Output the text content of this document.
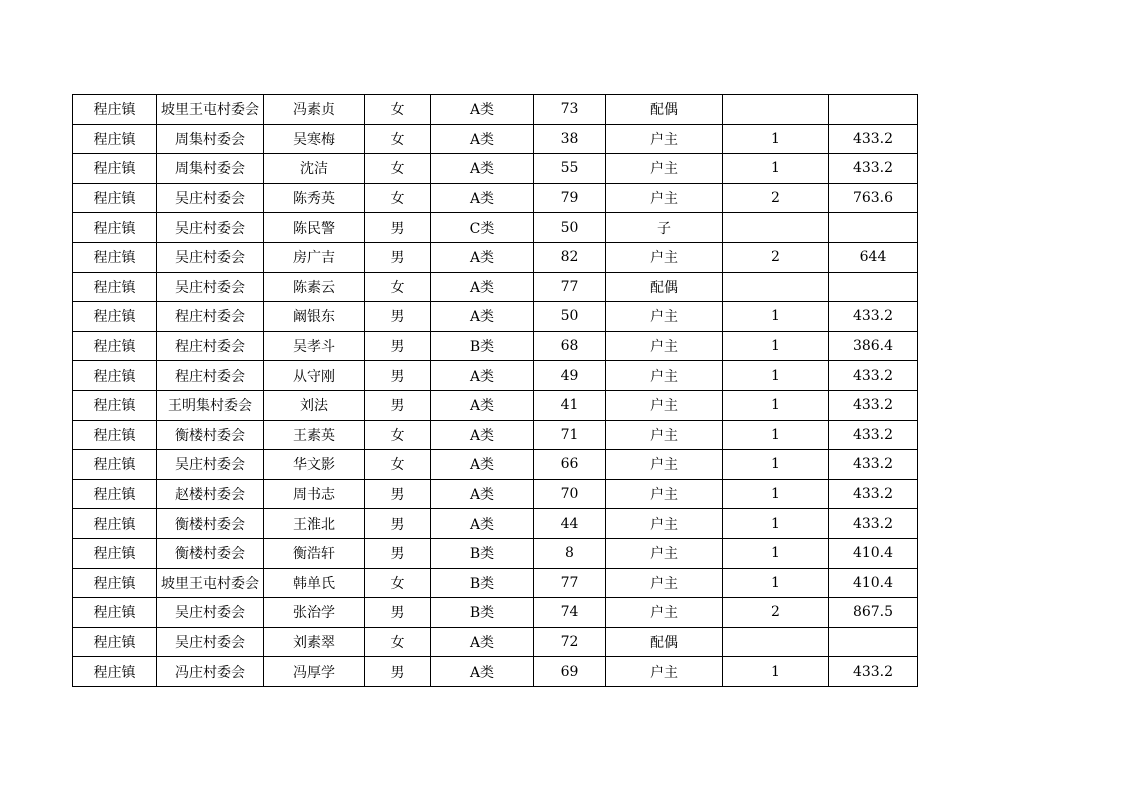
程庄镇	坡里王屯村委会	冯素贞	女	A类	73	配偶		
程庄镇	周集村委会	吴寒梅	女	A类	38	户主	1	433.2
程庄镇	周集村委会	沈洁	女	A类	55	户主	1	433.2
程庄镇	吴庄村委会	陈秀英	女	A类	79	户主	2	763.6
程庄镇	吴庄村委会	陈民警	男	C类	50	子		
程庄镇	吴庄村委会	房广吉	男	A类	82	户主	2	644
程庄镇	吴庄村委会	陈素云	女	A类	77	配偶		
程庄镇	程庄村委会	阚银东	男	A类	50	户主	1	433.2
程庄镇	程庄村委会	吴孝斗	男	B类	68	户主	1	386.4
程庄镇	程庄村委会	从守刚	男	A类	49	户主	1	433.2
程庄镇	王明集村委会	刘法	男	A类	41	户主	1	433.2
程庄镇	衡楼村委会	王素英	女	A类	71	户主	1	433.2
程庄镇	吴庄村委会	华文影	女	A类	66	户主	1	433.2
程庄镇	赵楼村委会	周书志	男	A类	70	户主	1	433.2
程庄镇	衡楼村委会	王淮北	男	A类	44	户主	1	433.2
程庄镇	衡楼村委会	衡浩轩	男	B类	8	户主	1	410.4
程庄镇	坡里王屯村委会	韩单氏	女	B类	77	户主	1	410.4
程庄镇	吴庄村委会	张治学	男	B类	74	户主	2	867.5
程庄镇	吴庄村委会	刘素翠	女	A类	72	配偶		
程庄镇	冯庄村委会	冯厚学	男	A类	69	户主	1	433.2
